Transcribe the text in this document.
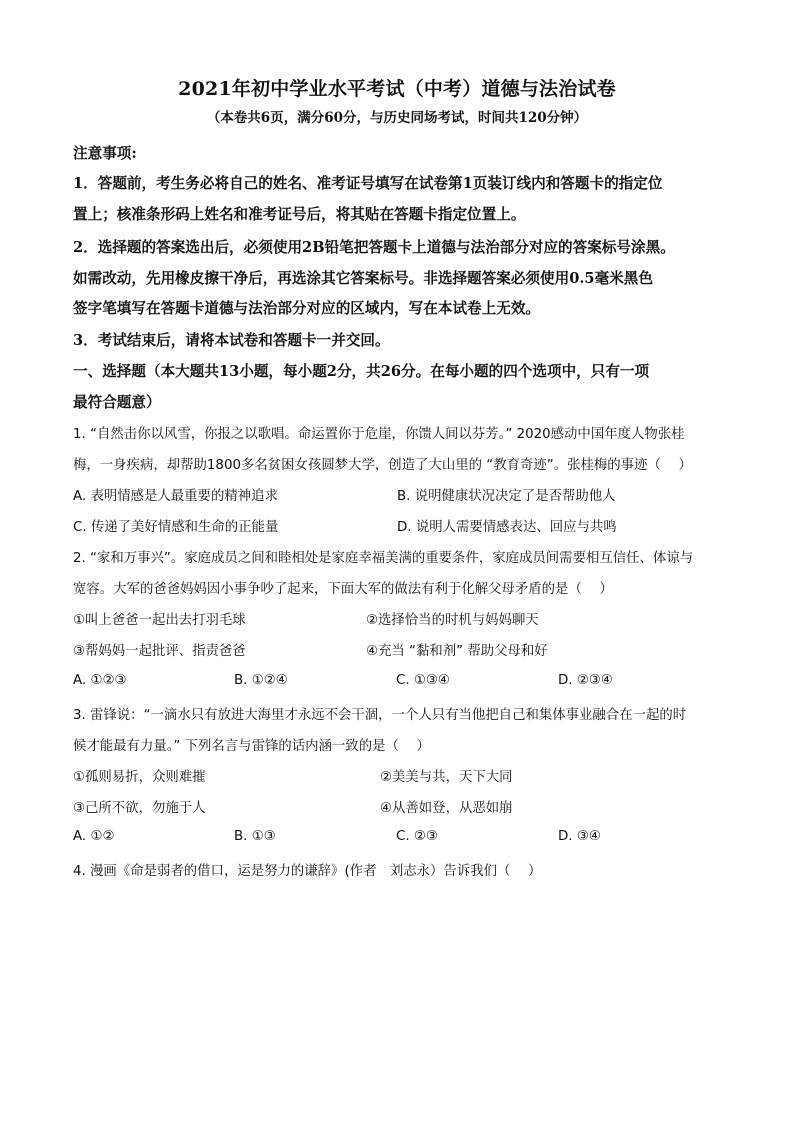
2021年初中学业水平考试（中考）道德与法治试卷
（本卷共6页，满分60分，与历史同场考试，时间共120分钟）
注意事项:
1．答题前，考生务必将自己的姓名、准考证号填写在试卷第1页装订线内和答题卡的指定位
置上；核准条形码上姓名和准考证号后，将其贴在答题卡指定位置上。
2．选择题的答案选出后，必须使用2B铅笔把答题卡上道德与法治部分对应的答案标号涂黑。
如需改动，先用橡皮擦干净后，再选涂其它答案标号。非选择题答案必须使用0.5毫米黑色
签字笔填写在答题卡道德与法治部分对应的区域内，写在本试卷上无效。
3．考试结束后，请将本试卷和答题卡一并交回。
一、选择题（本大题共13小题，每小题2分，共26分。在每小题的四个选项中，只有一项
最符合题意）
1. “自然击你以风雪，你报之以歌唱。命运置你于危崖，你馈人间以芬芳。” 2020感动中国年度人物张桂
梅，一身疾病，却帮助1800多名贫困女孩圆梦大学，创造了大山里的 “教育奇迹”。张桂梅的事迹（　 ）
A. 表明情感是人最重要的精神追求	B. 说明健康状况决定了是否帮助他人
C. 传递了美好情感和生命的正能量	D. 说明人需要情感表达、回应与共鸣
2. “家和万事兴”。家庭成员之间和睦相处是家庭幸福美满的重要条件，家庭成员间需要相互信任、体谅与
宽容。大军的爸爸妈妈因小事争吵了起来，下面大军的做法有利于化解父母矛盾的是（　 ）
①叫上爸爸一起出去打羽毛球	②选择恰当的时机与妈妈聊天
③帮妈妈一起批评、指责爸爸	④充当 “黏和剂” 帮助父母和好
A. ①②③	B. ①②④	C. ①③④	D. ②③④
3. 雷锋说：“一滴水只有放进大海里才永远不会干涸，一个人只有当他把自己和集体事业融合在一起的时
候才能最有力量。” 下列名言与雷锋的话内涵一致的是（　 ）
①孤则易折，众则难摧	②美美与共，天下大同
③己所不欲，勿施于人	④从善如登，从恶如崩
A. ①②	B. ①③	C. ②③	D. ③④
4. 漫画《命是弱者的借口，运是努力的谦辞》(作者　刘志永）告诉我们（　 ）
